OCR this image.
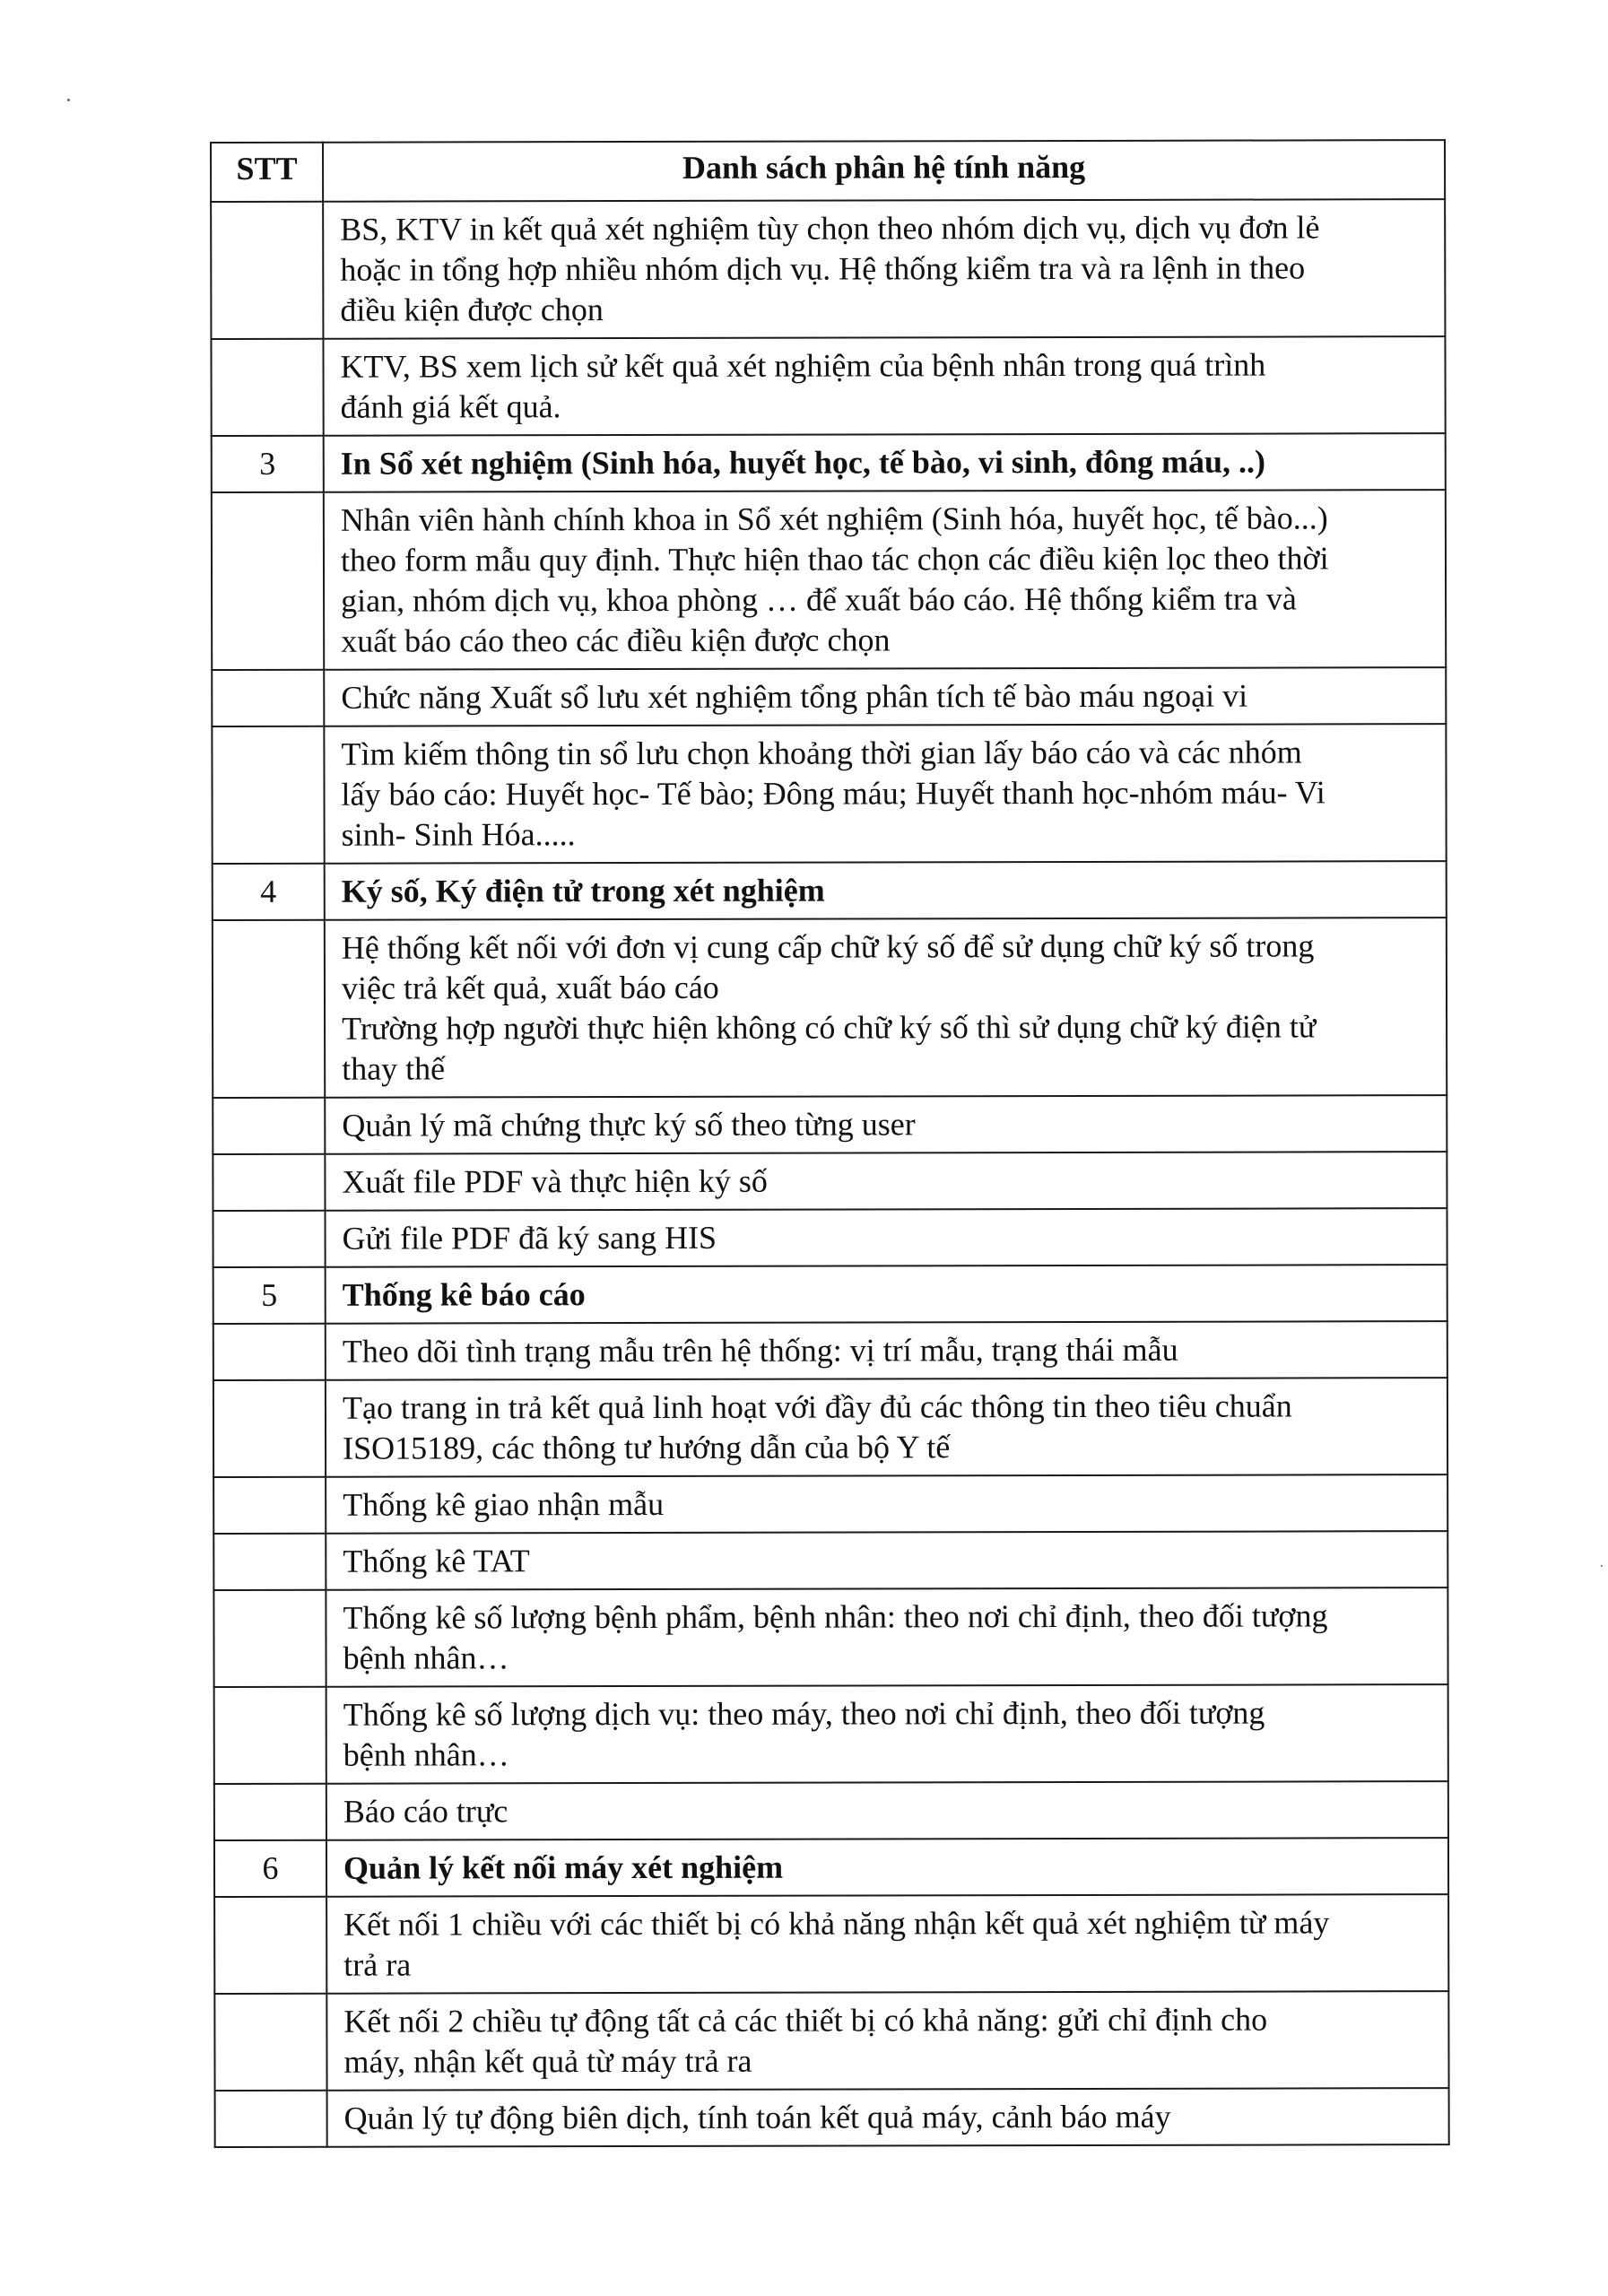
STT	Danh sách phân hệ tính năng

	BS, KTV in kết quả xét nghiệm tùy chọn theo nhóm dịch vụ, dịch vụ đơn lẻ
hoặc in tổng hợp nhiều nhóm dịch vụ. Hệ thống kiểm tra và ra lệnh in theo
điều kiện được chọn

	KTV, BS xem lịch sử kết quả xét nghiệm của bệnh nhân trong quá trình
đánh giá kết quả.

3	In Sổ xét nghiệm (Sinh hóa, huyết học, tế bào, vi sinh, đông máu, ..)

	Nhân viên hành chính khoa in Sổ xét nghiệm (Sinh hóa, huyết học, tế bào...)
theo form mẫu quy định. Thực hiện thao tác chọn các điều kiện lọc theo thời
gian, nhóm dịch vụ, khoa phòng … để xuất báo cáo. Hệ thống kiểm tra và
xuất báo cáo theo các điều kiện được chọn

	Chức năng Xuất sổ lưu xét nghiệm tổng phân tích tế bào máu ngoại vi

	Tìm kiếm thông tin sổ lưu chọn khoảng thời gian lấy báo cáo và các nhóm
lấy báo cáo: Huyết học- Tế bào; Đông máu; Huyết thanh học-nhóm máu- Vi
sinh- Sinh Hóa.....

4	Ký số, Ký điện tử trong xét nghiệm

	Hệ thống kết nối với đơn vị cung cấp chữ ký số để sử dụng chữ ký số trong
việc trả kết quả, xuất báo cáo
Trường hợp người thực hiện không có chữ ký số thì sử dụng chữ ký điện tử
thay thế

	Quản lý mã chứng thực ký số theo từng user

	Xuất file PDF và thực hiện ký số

	Gửi file PDF đã ký sang HIS

5	Thống kê báo cáo

	Theo dõi tình trạng mẫu trên hệ thống: vị trí mẫu, trạng thái mẫu

	Tạo trang in trả kết quả linh hoạt với đầy đủ các thông tin theo tiêu chuẩn
ISO15189, các thông tư hướng dẫn của bộ Y tế

	Thống kê giao nhận mẫu

	Thống kê TAT

	Thống kê số lượng bệnh phẩm, bệnh nhân: theo nơi chỉ định, theo đối tượng
bệnh nhân…

	Thống kê số lượng dịch vụ: theo máy, theo nơi chỉ định, theo đối tượng
bệnh nhân…

	Báo cáo trực

6	Quản lý kết nối máy xét nghiệm

	Kết nối 1 chiều với các thiết bị có khả năng nhận kết quả xét nghiệm từ máy
trả ra

	Kết nối 2 chiều tự động tất cả các thiết bị có khả năng: gửi chỉ định cho
máy, nhận kết quả từ máy trả ra

	Quản lý tự động biên dịch, tính toán kết quả máy, cảnh báo máy
